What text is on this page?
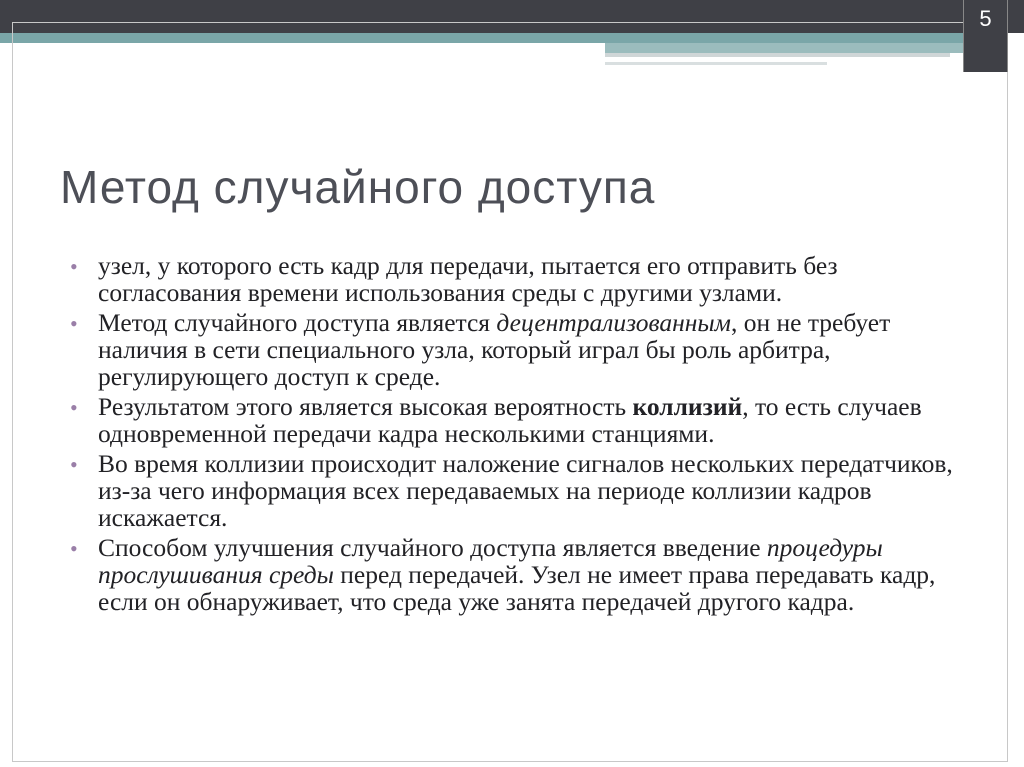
5
Метод случайного доступа
• узел, у которого есть кадр для передачи, пытается его отправить без согласования времени использования среды с другими узлами.
• Метод случайного доступа является децентрализованным, он не требует наличия в сети специального узла, который играл бы роль арбитра, регулирующего доступ к среде.
• Результатом этого является высокая вероятность коллизий, то есть случаев одновременной передачи кадра несколькими станциями.
• Во время коллизии происходит наложение сигналов нескольких передатчиков, из-за чего информация всех передаваемых на периоде коллизии кадров искажается.
• Способом улучшения случайного доступа является введение процедуры прослушивания среды перед передачей. Узел не имеет права передавать кадр, если он обнаруживает, что среда уже занята передачей другого кадра.
